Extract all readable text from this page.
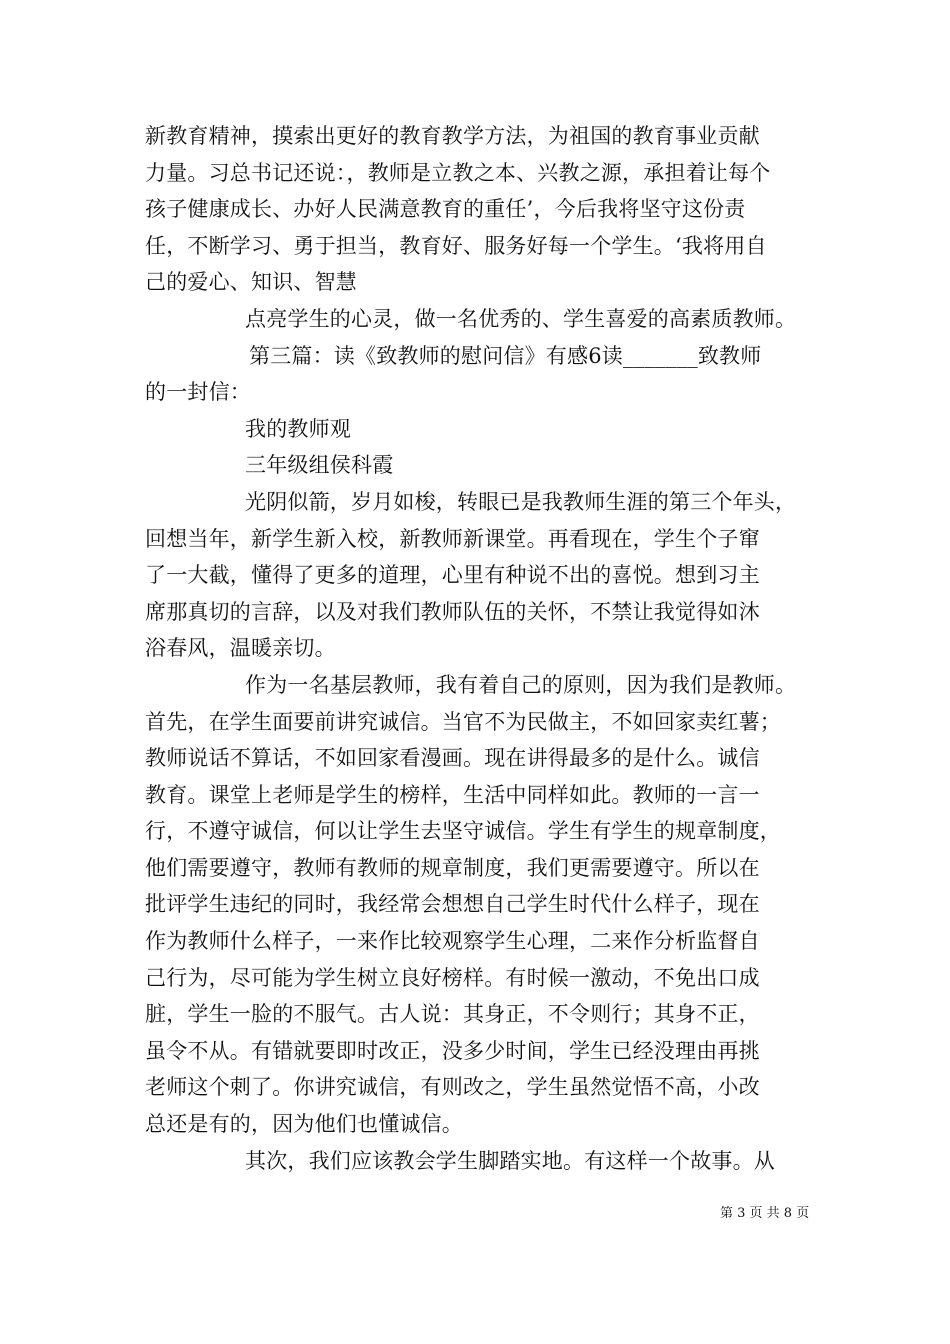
新教育精神，摸索出更好的教育教学方法，为祖国的教育事业贡献
力量。习总书记还说：，教师是立教之本、兴教之源，承担着让每个
孩子健康成长、办好人民满意教育的重任’，今后我将坚守这份责
任，不断学习、勇于担当，教育好、服务好每一个学生。‘我将用自
己的爱心、知识、智慧
点亮学生的心灵，做一名优秀的、学生喜爱的高素质教师。
第三篇：读《致教师的慰问信》有感6读_______致教师
的一封信：
我的教师观
三年级组侯科霞
光阴似箭，岁月如梭，转眼已是我教师生涯的第三个年头，
回想当年，新学生新入校，新教师新课堂。再看现在，学生个子窜
了一大截，懂得了更多的道理，心里有种说不出的喜悦。想到习主
席那真切的言辞，以及对我们教师队伍的关怀，不禁让我觉得如沐
浴春风，温暖亲切。
作为一名基层教师，我有着自己的原则，因为我们是教师。
首先，在学生面要前讲究诚信。当官不为民做主，不如回家卖红薯；
教师说话不算话，不如回家看漫画。现在讲得最多的是什么。诚信
教育。课堂上老师是学生的榜样，生活中同样如此。教师的一言一
行，不遵守诚信，何以让学生去坚守诚信。学生有学生的规章制度，
他们需要遵守，教师有教师的规章制度，我们更需要遵守。所以在
批评学生违纪的同时，我经常会想想自己学生时代什么样子，现在
作为教师什么样子，一来作比较观察学生心理，二来作分析监督自
己行为，尽可能为学生树立良好榜样。有时候一激动，不免出口成
脏，学生一脸的不服气。古人说：其身正，不令则行；其身不正，
虽令不从。有错就要即时改正，没多少时间，学生已经没理由再挑
老师这个刺了。你讲究诚信，有则改之，学生虽然觉悟不高，小改
总还是有的，因为他们也懂诚信。
其次，我们应该教会学生脚踏实地。有这样一个故事。从
第 3 页 共 8 页
